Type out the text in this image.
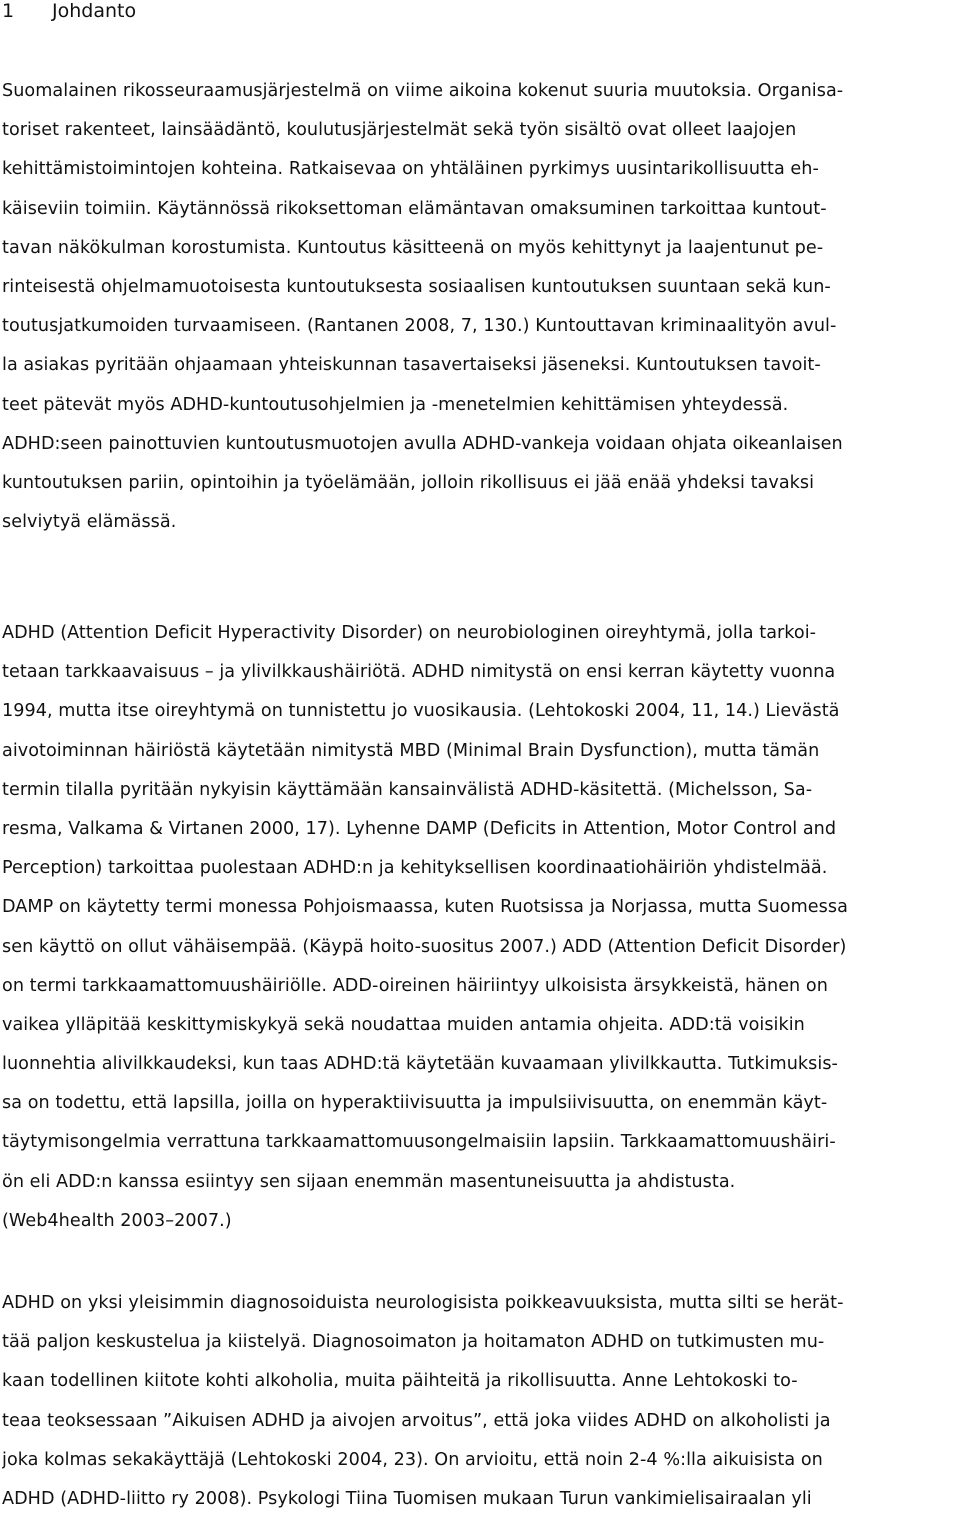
1	Johdanto

Suomalainen rikosseuraamusjärjestelmä on viime aikoina kokenut suuria muutoksia. Organisa-
toriset rakenteet, lainsäädäntö, koulutusjärjestelmät sekä työn sisältö ovat olleet laajojen
kehittämistoimintojen kohteina. Ratkaisevaa on yhtäläinen pyrkimys uusintarikollisuutta eh-
käiseviin toimiin. Käytännössä rikoksettoman elämäntavan omaksuminen tarkoittaa kuntout-
tavan näkökulman korostumista. Kuntoutus käsitteenä on myös kehittynyt ja laajentunut pe-
rinteisestä ohjelmamuotoisesta kuntoutuksesta sosiaalisen kuntoutuksen suuntaan sekä kun-
toutusjatkumoiden turvaamiseen. (Rantanen 2008, 7, 130.) Kuntouttavan kriminaalityön avul-
la asiakas pyritään ohjaamaan yhteiskunnan tasavertaiseksi jäseneksi. Kuntoutuksen tavoit-
teet pätevät myös ADHD-kuntoutusohjelmien ja -menetelmien kehittämisen yhteydessä.
ADHD:seen painottuvien kuntoutusmuotojen avulla ADHD-vankeja voidaan ohjata oikeanlaisen
kuntoutuksen pariin, opintoihin ja työelämään, jolloin rikollisuus ei jää enää yhdeksi tavaksi
selviytyä elämässä.

ADHD (Attention Deficit Hyperactivity Disorder) on neurobiologinen oireyhtymä, jolla tarkoi-
tetaan tarkkaavaisuus – ja ylivilkkaushäiriötä. ADHD nimitystä on ensi kerran käytetty vuonna
1994, mutta itse oireyhtymä on tunnistettu jo vuosikausia. (Lehtokoski 2004, 11, 14.) Lievästä
aivotoiminnan häiriöstä käytetään nimitystä MBD (Minimal Brain Dysfunction), mutta tämän
termin tilalla pyritään nykyisin käyttämään kansainvälistä ADHD-käsitettä. (Michelsson, Sa-
resma, Valkama & Virtanen 2000, 17). Lyhenne DAMP (Deficits in Attention, Motor Control and
Perception) tarkoittaa puolestaan ADHD:n ja kehityksellisen koordinaatiohäiriön yhdistelmää.
DAMP on käytetty termi monessa Pohjoismaassa, kuten Ruotsissa ja Norjassa, mutta Suomessa
sen käyttö on ollut vähäisempää. (Käypä hoito-suositus 2007.) ADD (Attention Deficit Disorder)
on termi tarkkaamattomuushäiriölle. ADD-oireinen häiriintyy ulkoisista ärsykkeistä, hänen on
vaikea ylläpitää keskittymiskykyä sekä noudattaa muiden antamia ohjeita. ADD:tä voisikin
luonnehtia alivilkkaudeksi, kun taas ADHD:tä käytetään kuvaamaan ylivilkkautta. Tutkimuksis-
sa on todettu, että lapsilla, joilla on hyperaktiivisuutta ja impulsiivisuutta, on enemmän käyt-
täytymisongelmia verrattuna tarkkaamattomuusongelmaisiin lapsiin. Tarkkaamattomuushäiri-
ön eli ADD:n kanssa esiintyy sen sijaan enemmän masentuneisuutta ja ahdistusta.
(Web4health 2003–2007.)

ADHD on yksi yleisimmin diagnosoiduista neurologisista poikkeavuuksista, mutta silti se herät-
tää paljon keskustelua ja kiistelyä. Diagnosoimaton ja hoitamaton ADHD on tutkimusten mu-
kaan todellinen kiitote kohti alkoholia, muita päihteitä ja rikollisuutta. Anne Lehtokoski to-
teaa teoksessaan ”Aikuisen ADHD ja aivojen arvoitus”, että joka viides ADHD on alkoholisti ja
joka kolmas sekakäyttäjä (Lehtokoski 2004, 23). On arvioitu, että noin 2-4 %:lla aikuisista on
ADHD (ADHD-liitto ry 2008). Psykologi Tiina Tuomisen mukaan Turun vankimielisairaalan yli
